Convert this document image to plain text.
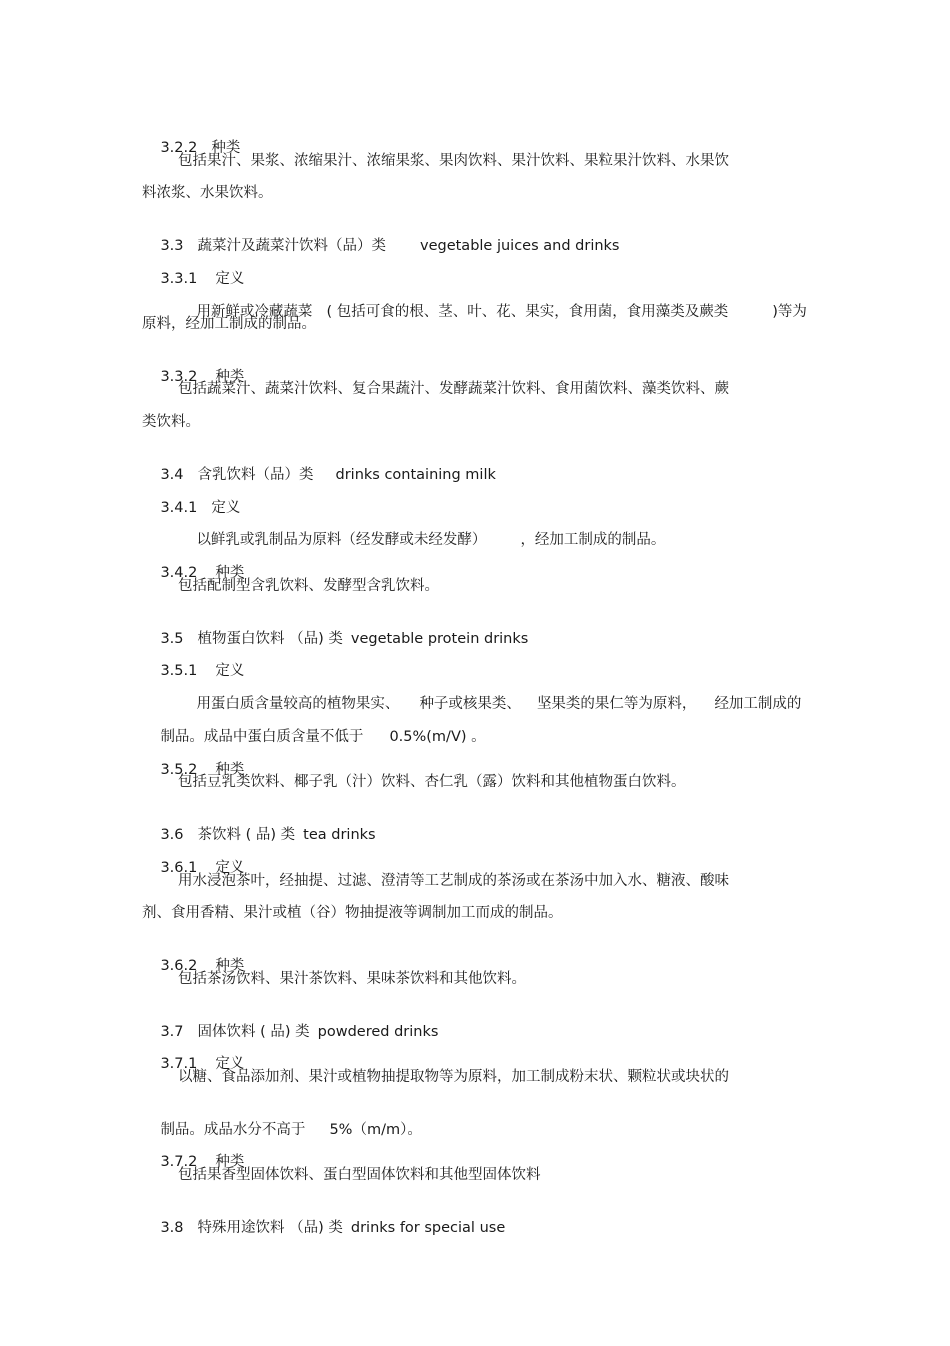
3.2.2 种类

包括果汁、果浆、浓缩果汁、浓缩果浆、果肉饮料、果汁饮料、果粒果汁饮料、水果饮
料浓浆、水果饮料。

3.3 蔬菜汁及蔬菜汁饮料（品）类 vegetable juices and drinks

3.3.1 定义

用新鲜或冷藏蔬菜 ( 包括可食的根、茎、叶、花、果实，食用菌，食用藻类及蕨类	)等为

原料，经加工制成的制品。

3.3.2 种类

包括蔬菜汁、蔬菜汁饮料、复合果蔬汁、发酵蔬菜汁饮料、食用菌饮料、藻类饮料、蕨
类饮料。

3.4 含乳饮料（品）类 drinks containing milk

3.4.1 定义

以鲜乳或乳制品为原料（经发酵或未经发酵） ，经加工制成的制品。

3.4.2 种类

包括配制型含乳饮料、发酵型含乳饮料。

3.5 植物蛋白饮料 （品) 类 vegetable protein drinks

3.5.1 定义

用蛋白质含量较高的植物果实、 种子或核果类、 坚果类的果仁等为原料， 经加工制成的

制品。成品中蛋白质含量不低于 0.5%(m/V) 。

3.5.2 种类

包括豆乳类饮料、椰子乳（汁）饮料、杏仁乳（露）饮料和其他植物蛋白饮料。

3.6 茶饮料 ( 品) 类 tea drinks

3.6.1 定义

用水浸泡茶叶，经抽提、过滤、澄清等工艺制成的茶汤或在茶汤中加入水、糖液、酸味
剂、食用香精、果汁或植（谷）物抽提液等调制加工而成的制品。

3.6.2 种类

包括茶汤饮料、果汁茶饮料、果味茶饮料和其他饮料。

3.7 固体饮料 ( 品) 类 powdered drinks

3.7.1 定义

以糖、食品添加剂、果汁或植物抽提取物等为原料，加工制成粉末状、颗粒状或块状的

制品。成品水分不高于 5%（m/m）。

3.7.2 种类

包括果香型固体饮料、蛋白型固体饮料和其他型固体饮料

3.8 特殊用途饮料 （品) 类 drinks for special use
